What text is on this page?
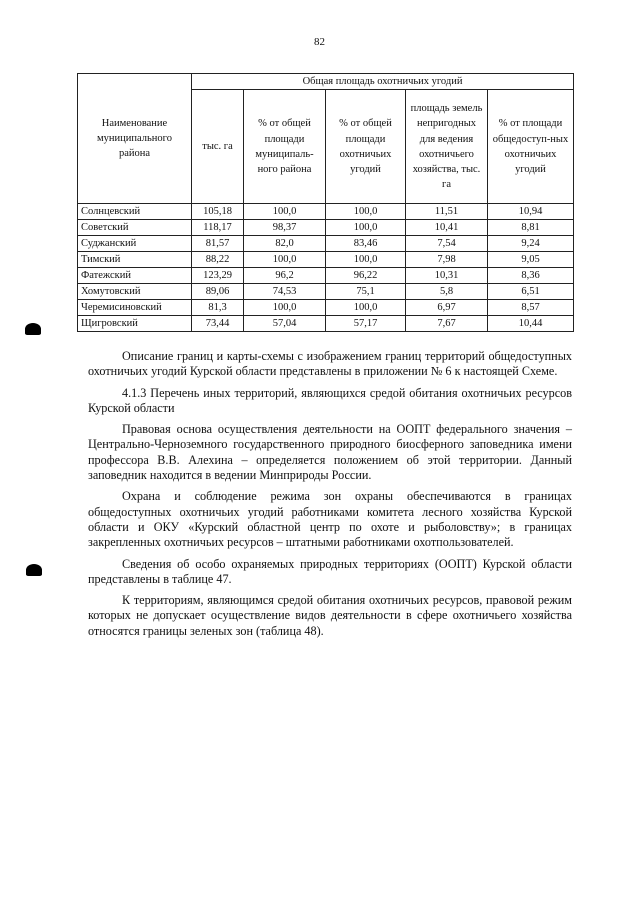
82
Наименование муниципального района	Общая площадь охотничьих угодий				
	тыс. га	% от общей площади муниципаль-ного района	% от общей площади охотничьих угодий	площадь земель непригодных для ведения охотничьего хозяйства, тыс. га	% от площади общедоступ-ных охотничьих угодий
Солнцевский	105,18	100,0	100,0	11,51	10,94
Советский	118,17	98,37	100,0	10,41	8,81
Суджанский	81,57	82,0	83,46	7,54	9,24
Тимский	88,22	100,0	100,0	7,98	9,05
Фатежский	123,29	96,2	96,22	10,31	8,36
Хомутовский	89,06	74,53	75,1	5,8	6,51
Черемисиновский	81,3	100,0	100,0	6,97	8,57
Щигровский	73,44	57,04	57,17	7,67	10,44

Описание границ и карты-схемы с изображением границ территорий общедоступных охотничьих угодий Курской области представлены в приложении № 6 к настоящей Схеме.

4.1.3 Перечень иных территорий, являющихся средой обитания охотничьих ресурсов Курской области

Правовая основа осуществления деятельности на ООПТ федерального значения – Центрально-Черноземного государственного природного биосферного заповедника имени профессора В.В. Алехина – определяется положением об этой территории. Данный заповедник находится в ведении Минприроды России.

Охрана и соблюдение режима зон охраны обеспечиваются в границах общедоступных охотничьих угодий работниками комитета лесного хозяйства Курской области и ОКУ «Курский областной центр по охоте и рыболовству»; в границах закрепленных охотничьих ресурсов – штатными работниками охотпользователей.

Сведения об особо охраняемых природных территориях (ООПТ) Курской области представлены в таблице 47.

К территориям, являющимся средой обитания охотничьих ресурсов, правовой режим которых не допускает осуществление видов деятельности в сфере охотничьего хозяйства относятся границы зеленых зон (таблица 48).
